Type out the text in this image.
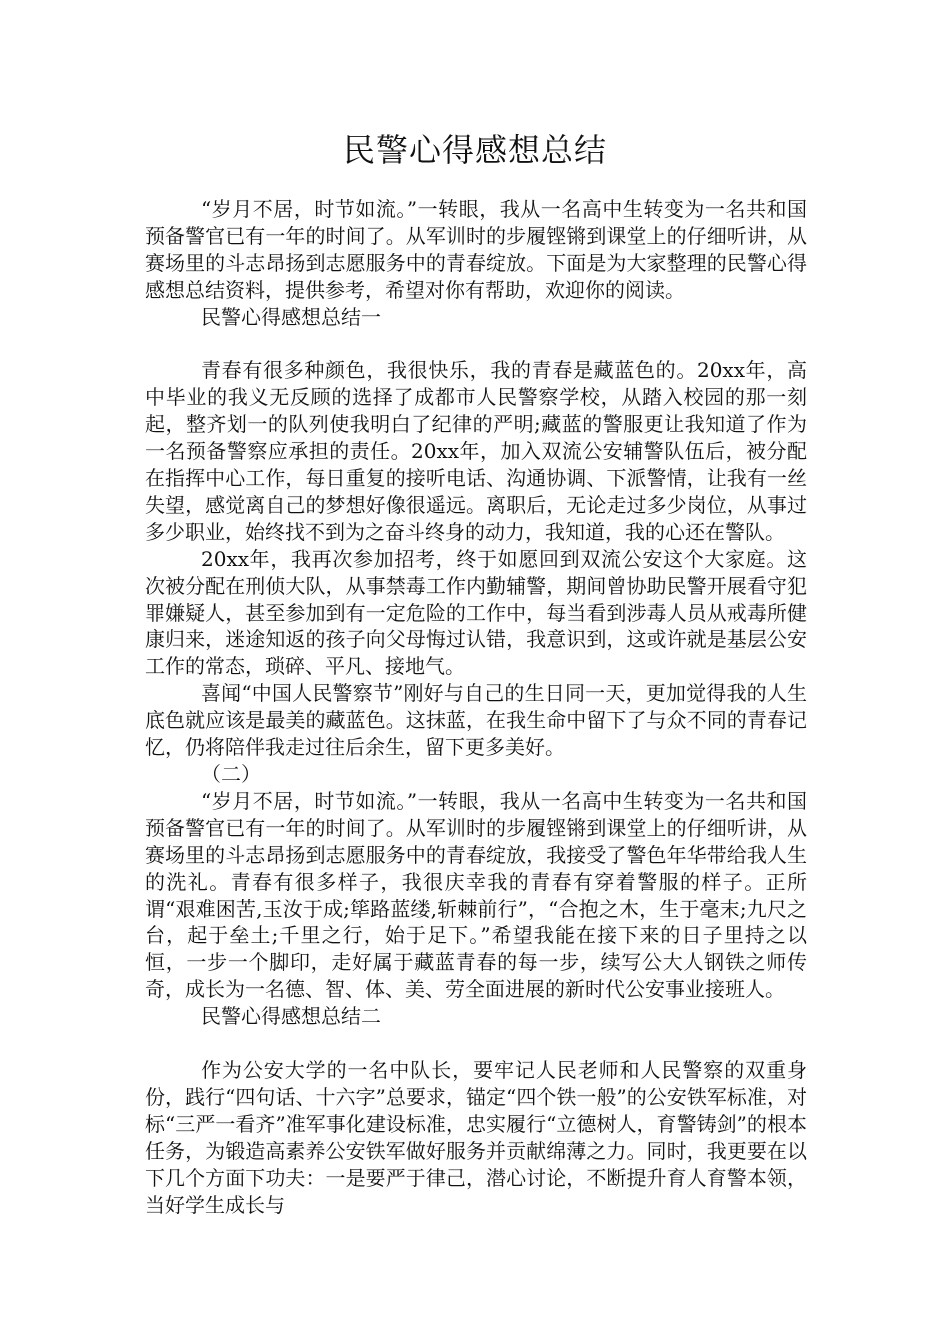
民警心得感想总结

“岁月不居，时节如流。”一转眼，我从一名高中生转变为一名共和国预备警官已有一年的时间了。从军训时的步履铿锵到课堂上的仔细听讲，从赛场里的斗志昂扬到志愿服务中的青春绽放。下面是为大家整理的民警心得感想总结资料，提供参考，希望对你有帮助，欢迎你的阅读。

民警心得感想总结一

青春有很多种颜色，我很快乐，我的青春是藏蓝色的。20xx年，高中毕业的我义无反顾的选择了成都市人民警察学校，从踏入校园的那一刻起，整齐划一的队列使我明白了纪律的严明;藏蓝的警服更让我知道了作为一名预备警察应承担的责任。20xx年，加入双流公安辅警队伍后，被分配在指挥中心工作，每日重复的接听电话、沟通协调、下派警情，让我有一丝失望，感觉离自己的梦想好像很遥远。离职后，无论走过多少岗位，从事过多少职业，始终找不到为之奋斗终身的动力，我知道，我的心还在警队。

20xx年，我再次参加招考，终于如愿回到双流公安这个大家庭。这次被分配在刑侦大队，从事禁毒工作内勤辅警，期间曾协助民警开展看守犯罪嫌疑人，甚至参加到有一定危险的工作中，每当看到涉毒人员从戒毒所健康归来，迷途知返的孩子向父母悔过认错，我意识到，这或许就是基层公安工作的常态，琐碎、平凡、接地气。

喜闻“中国人民警察节”刚好与自己的生日同一天，更加觉得我的人生底色就应该是最美的藏蓝色。这抹蓝，在我生命中留下了与众不同的青春记忆，仍将陪伴我走过往后余生，留下更多美好。

（二）

“岁月不居，时节如流。”一转眼，我从一名高中生转变为一名共和国预备警官已有一年的时间了。从军训时的步履铿锵到课堂上的仔细听讲，从赛场里的斗志昂扬到志愿服务中的青春绽放，我接受了警色年华带给我人生的洗礼。青春有很多样子，我很庆幸我的青春有穿着警服的样子。正所谓“艰难困苦,玉汝于成;筚路蓝缕,斩棘前行”，“合抱之木，生于毫末;九尺之台，起于垒土;千里之行，始于足下。”希望我能在接下来的日子里持之以恒，一步一个脚印，走好属于藏蓝青春的每一步，续写公大人钢铁之师传奇，成长为一名德、智、体、美、劳全面进展的新时代公安事业接班人。

民警心得感想总结二

作为公安大学的一名中队长，要牢记人民老师和人民警察的双重身份，践行“四句话、十六字”总要求，锚定“四个铁一般”的公安铁军标准，对标“三严一看齐”准军事化建设标准，忠实履行“立德树人，育警铸剑”的根本任务，为锻造高素养公安铁军做好服务并贡献绵薄之力。同时，我更要在以下几个方面下功夫：一是要严于律己，潜心讨论，不断提升育人育警本领，当好学生成长与
